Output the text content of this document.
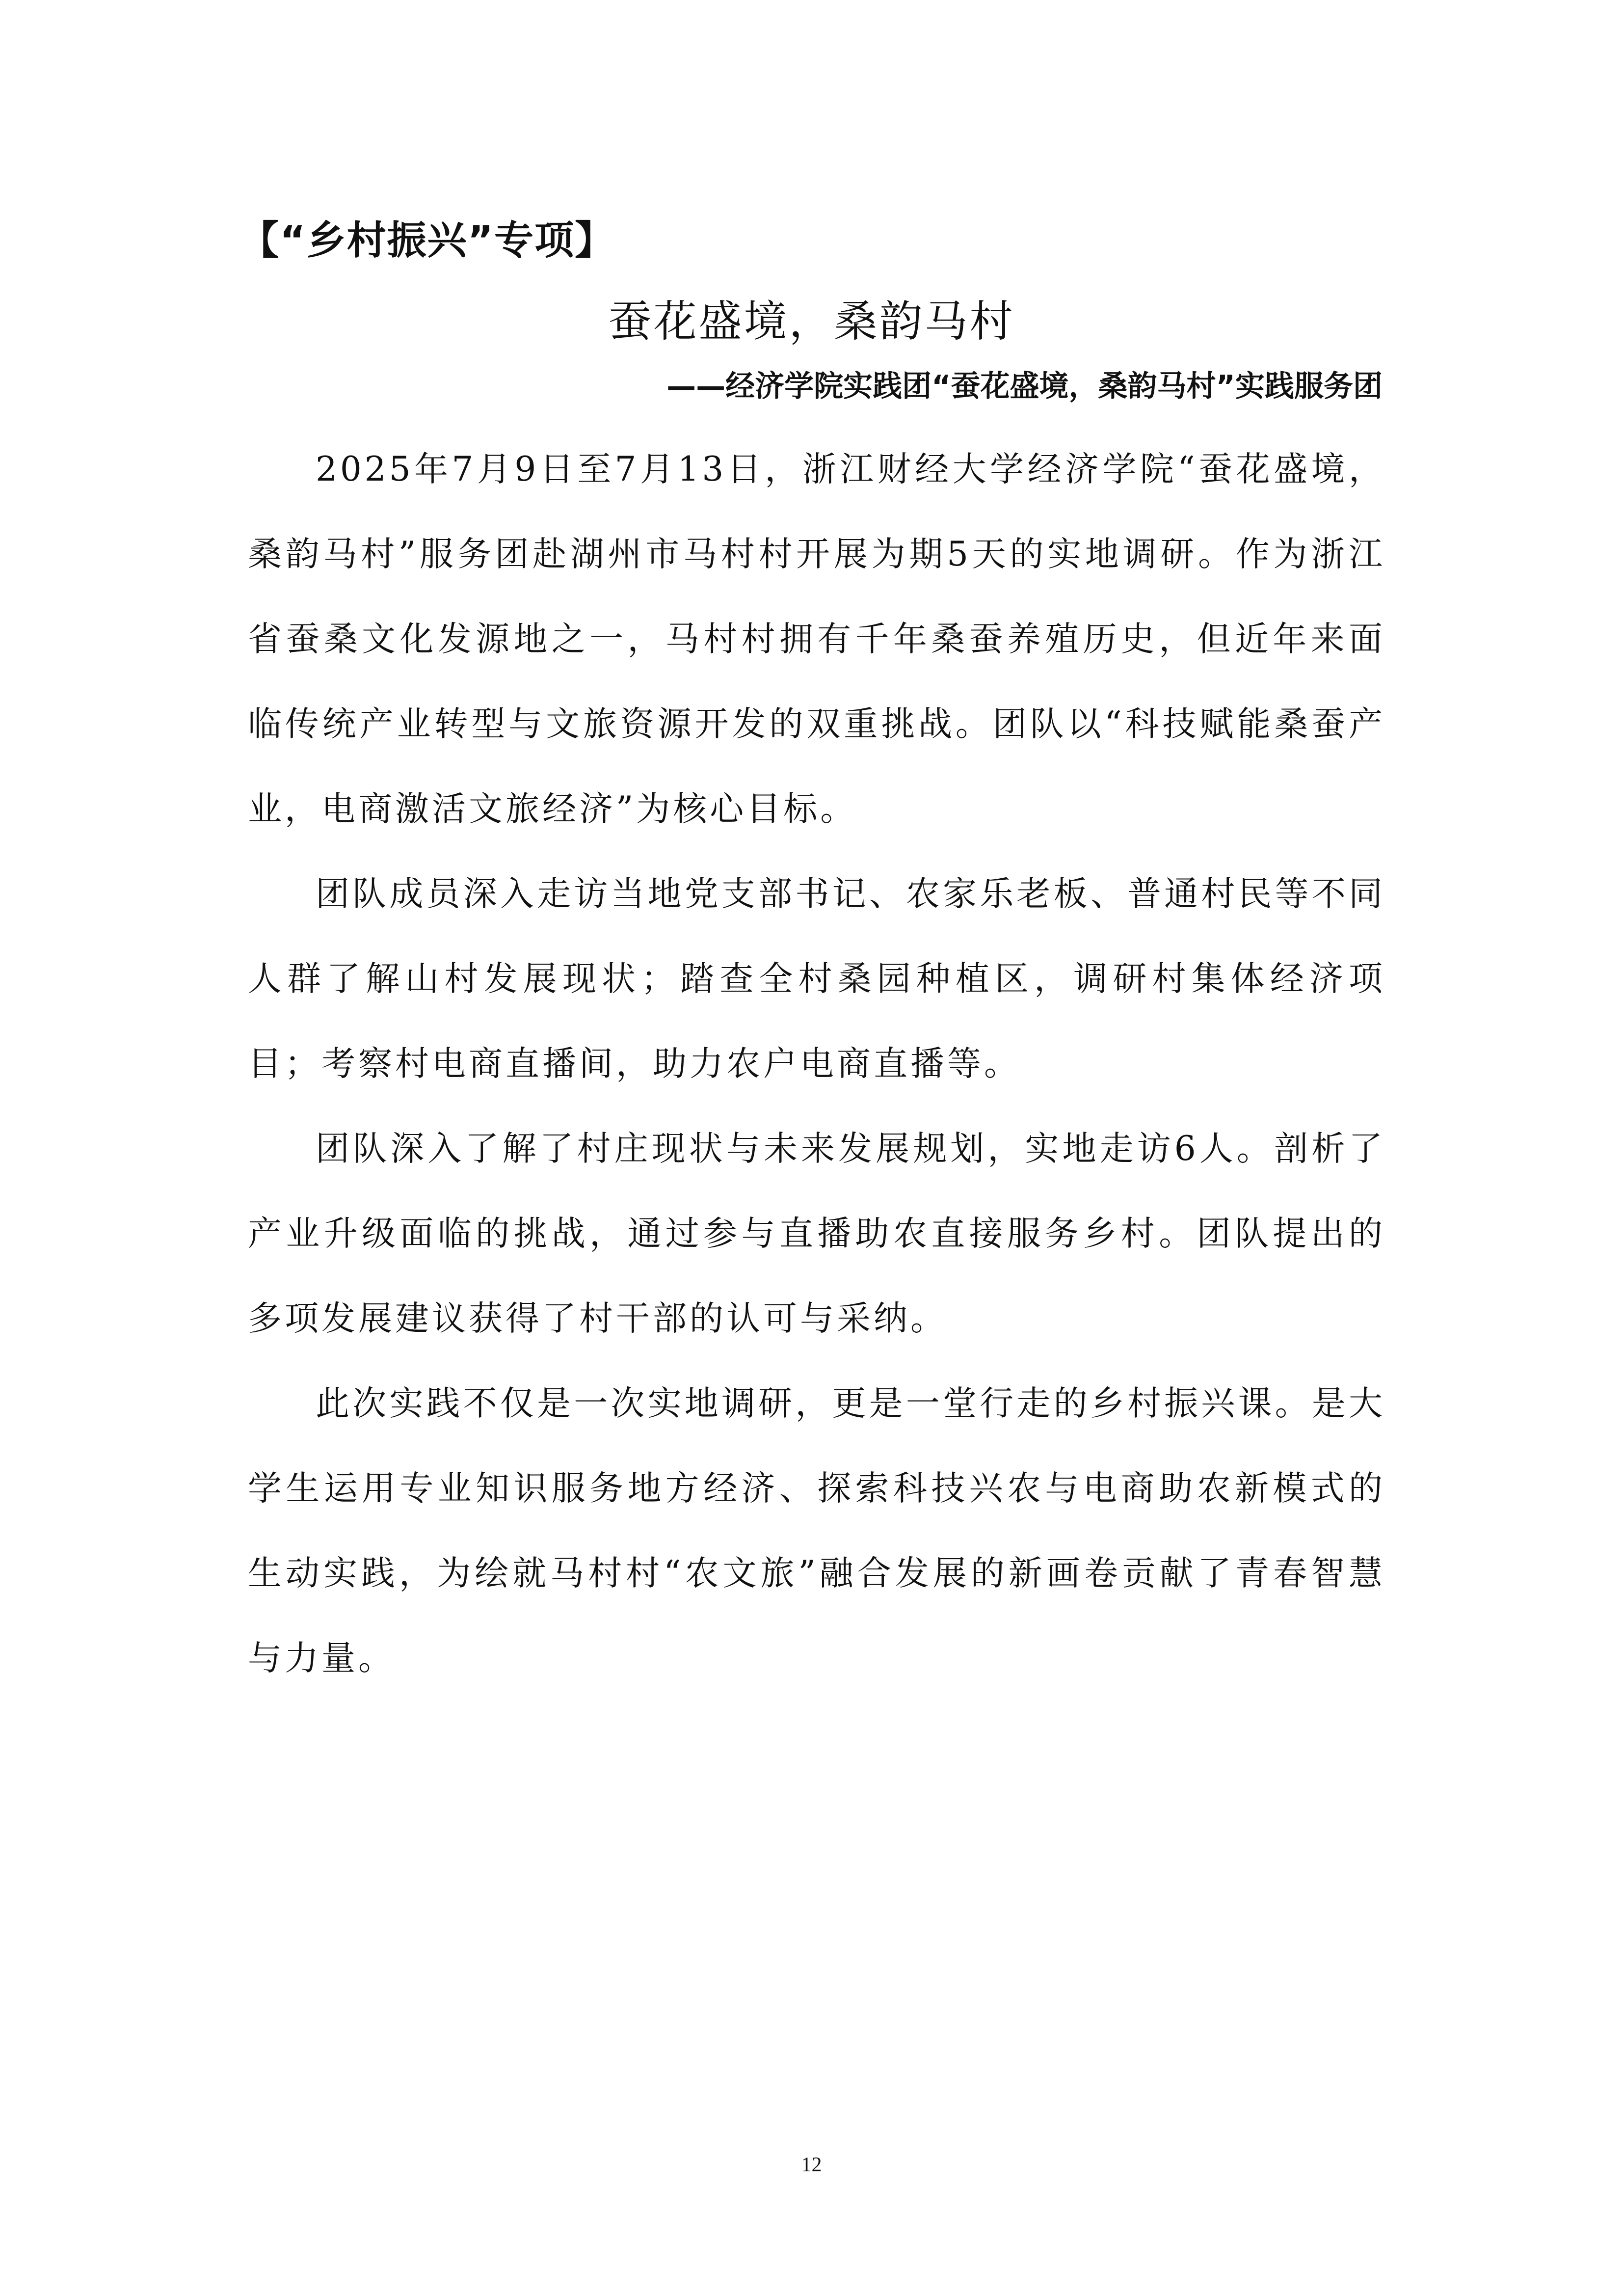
【“乡村振兴”专项】
蚕花盛境，桑韵马村
——经济学院实践团“蚕花盛境，桑韵马村”实践服务团

2025年7月9日至7月13日，浙江财经大学经济学院“蚕花盛境，桑韵马村”服务团赴湖州市马村村开展为期5天的实地调研。作为浙江省蚕桑文化发源地之一，马村村拥有千年桑蚕养殖历史，但近年来面临传统产业转型与文旅资源开发的双重挑战。团队以“科技赋能桑蚕产业，电商激活文旅经济”为核心目标。

团队成员深入走访当地党支部书记、农家乐老板、普通村民等不同人群了解山村发展现状；踏查全村桑园种植区，调研村集体经济项目；考察村电商直播间，助力农户电商直播等。

团队深入了解了村庄现状与未来发展规划，实地走访6人。剖析了产业升级面临的挑战，通过参与直播助农直接服务乡村。团队提出的多项发展建议获得了村干部的认可与采纳。

此次实践不仅是一次实地调研，更是一堂行走的乡村振兴课。是大学生运用专业知识服务地方经济、探索科技兴农与电商助农新模式的生动实践，为绘就马村村“农文旅”融合发展的新画卷贡献了青春智慧与力量。

12
